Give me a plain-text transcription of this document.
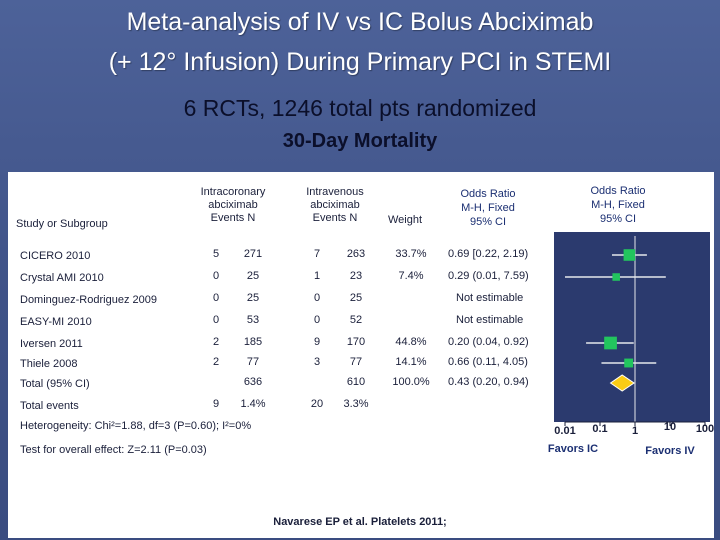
Meta-analysis of IV vs IC Bolus Abciximab
(+ 12° Infusion) During Primary PCI in STEMI
6 RCTs, 1246 total pts randomized
30-Day Mortality
Study or Subgroup
Intracoronary
abciximab
Events N
Intravenous
abciximab
Events N	Weight
Odds Ratio
M-H, Fixed
95% CI
Odds Ratio
M-H, Fixed
95% CI
CICERO 2010	5	271	7	263	33.7%	0.69 [0.22, 2.19)
Crystal AMI 2010	0	25	1	23	7.4%	0.29 (0.01, 7.59)
Dominguez-Rodriguez 2009	0	25	0	25	Not estimable
EASY-MI 2010	0	53	0	52	Not estimable
Iversen 2011	2	185	9	170	44.8%	0.20 (0.04, 0.92)
Thiele 2008	2	77	3	77	14.1%	0.66 (0.11, 4.05)
Total (95% CI)	636	610	100.0%	0.43 (0.20, 0.94)
Total events	9	1.4%	20	3.3%
Heterogeneity: Chi²=1.88, df=3 (P=0.60); I²=0%
Test for overall effect: Z=2.11 (P=0.03)
0.01 0.1 1 10 100
Favors IC	Favors IV
Navarese EP et al. Platelets 2011;
